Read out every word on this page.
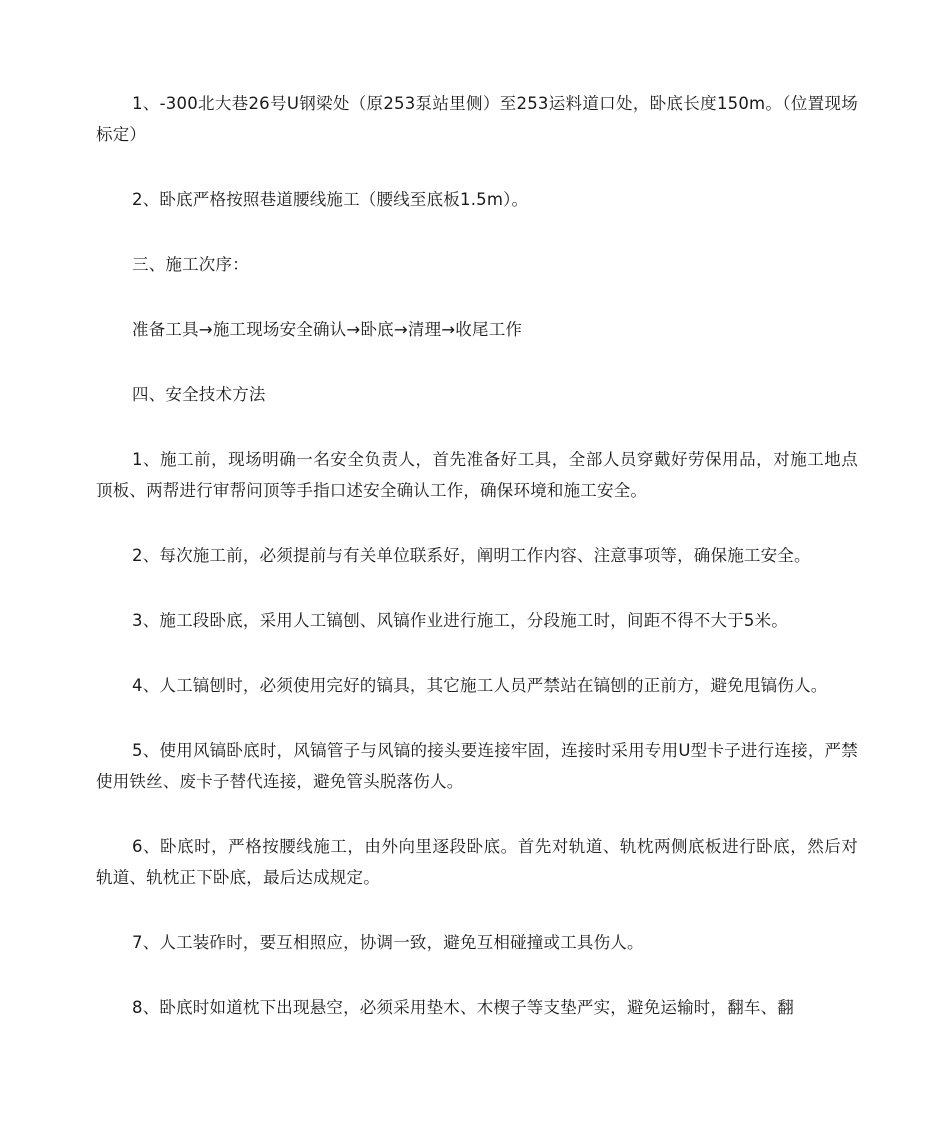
1、-300北大巷26号U钢梁处（原253泵站里侧）至253运料道口处，卧底长度150m。（位置现场标定）

2、卧底严格按照巷道腰线施工（腰线至底板1.5m）。

三、施工次序：

准备工具→施工现场安全确认→卧底→清理→收尾工作

四、安全技术方法

1、施工前，现场明确一名安全负责人，首先准备好工具，全部人员穿戴好劳保用品，对施工地点顶板、两帮进行审帮问顶等手指口述安全确认工作，确保环境和施工安全。

2、每次施工前，必须提前与有关单位联系好，阐明工作内容、注意事项等，确保施工安全。

3、施工段卧底，采用人工镐刨、风镐作业进行施工，分段施工时，间距不得不大于5米。

4、人工镐刨时，必须使用完好的镐具，其它施工人员严禁站在镐刨的正前方，避免甩镐伤人。

5、使用风镐卧底时，风镐管子与风镐的接头要连接牢固，连接时采用专用U型卡子进行连接，严禁使用铁丝、废卡子替代连接，避免管头脱落伤人。

6、卧底时，严格按腰线施工，由外向里逐段卧底。首先对轨道、轨枕两侧底板进行卧底，然后对轨道、轨枕正下卧底，最后达成规定。

7、人工装砟时，要互相照应，协调一致，避免互相碰撞或工具伤人。

8、卧底时如道枕下出现悬空，必须采用垫木、木楔子等支垫严实，避免运输时，翻车、翻
